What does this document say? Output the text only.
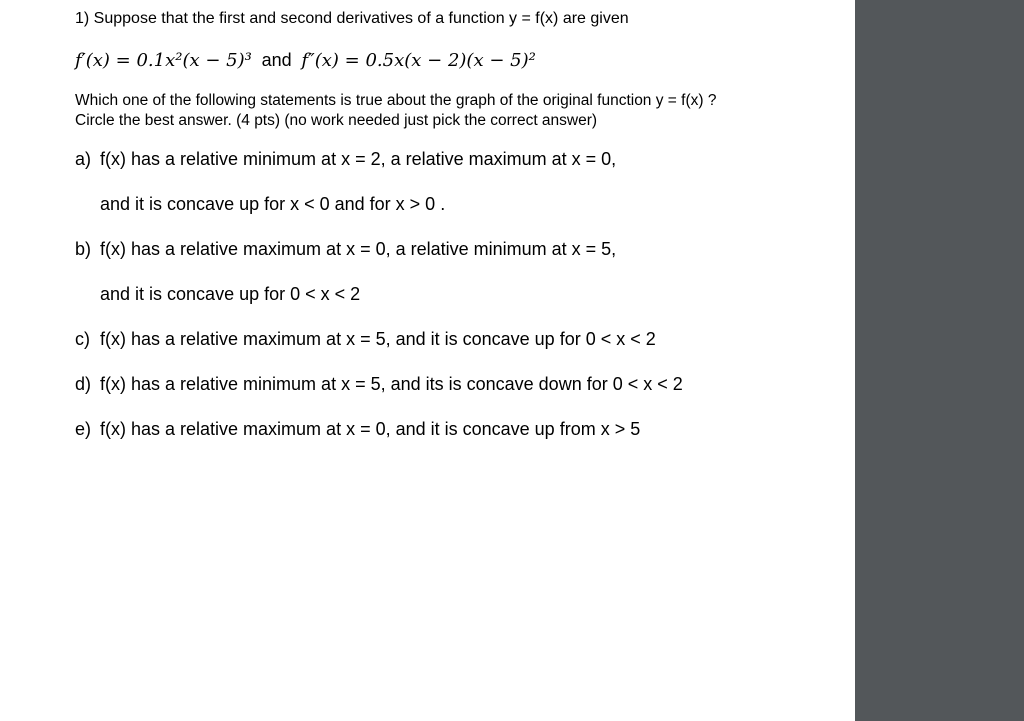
1) Suppose that the first and second derivatives of a function y = f(x) are given
f′(x) = 0.1x²(x − 5)³ and f″(x) = 0.5x(x − 2)(x − 5)²
Which one of the following statements is true about the graph of the original function y = f(x) ?
Circle the best answer. (4 pts) (no work needed just pick the correct answer)
a) f(x) has a relative minimum at x = 2, a relative maximum at x = 0,
and it is concave up for x < 0 and for x > 0 .
b) f(x) has a relative maximum at x = 0, a relative minimum at x = 5,
and it is concave up for 0 < x < 2
c) f(x) has a relative maximum at x = 5, and it is concave up for 0 < x < 2
d) f(x) has a relative minimum at x = 5, and its is concave down for 0 < x < 2
e) f(x) has a relative maximum at x = 0, and it is concave up from x > 5
